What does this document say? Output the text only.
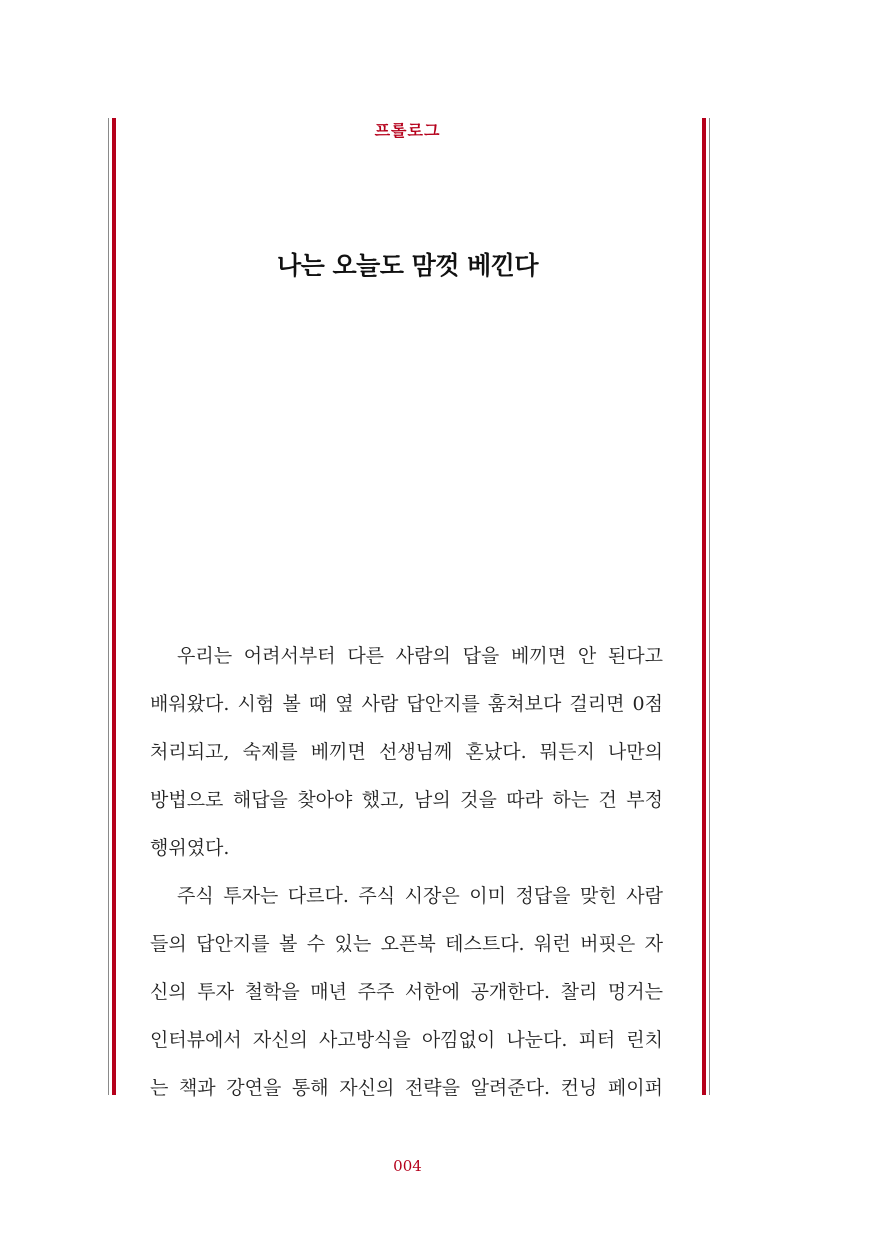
프롤로그
나는 오늘도 맘껏 베낀다
우리는 어려서부터 다른 사람의 답을 베끼면 안 된다고
배워왔다. 시험 볼 때 옆 사람 답안지를 훔쳐보다 걸리면 0점
처리되고, 숙제를 베끼면 선생님께 혼났다. 뭐든지 나만의
방법으로 해답을 찾아야 했고, 남의 것을 따라 하는 건 부정
행위였다.
주식 투자는 다르다. 주식 시장은 이미 정답을 맞힌 사람
들의 답안지를 볼 수 있는 오픈북 테스트다. 워런 버핏은 자
신의 투자 철학을 매년 주주 서한에 공개한다. 찰리 멍거는
인터뷰에서 자신의 사고방식을 아낌없이 나눈다. 피터 린치
는 책과 강연을 통해 자신의 전략을 알려준다. 컨닝 페이퍼
004
